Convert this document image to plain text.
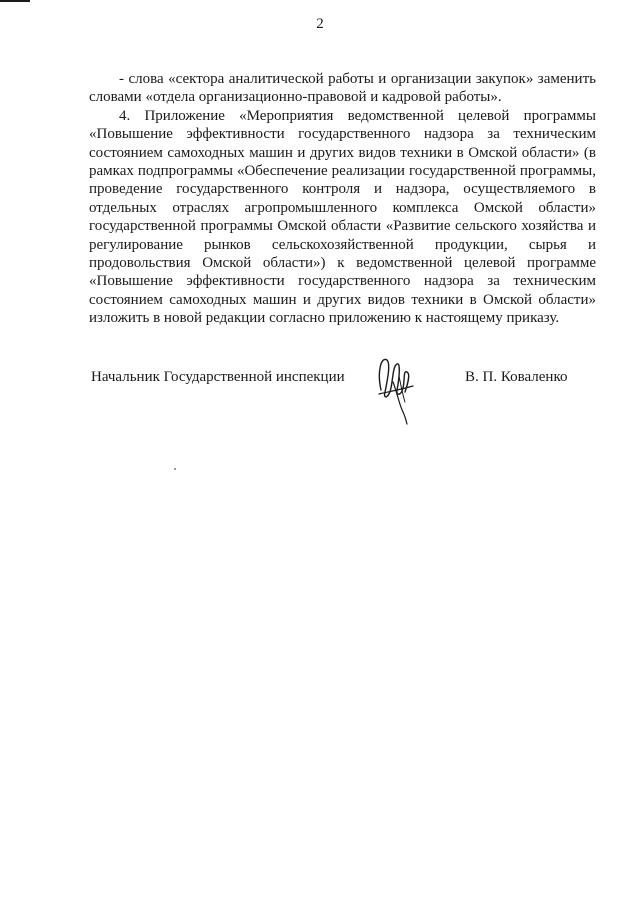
2

- слова «сектора аналитической работы и организации закупок» заменить словами «отдела организационно-правовой и кадровой работы».

4. Приложение «Мероприятия ведомственной целевой программы «Повышение эффективности государственного надзора за техническим состоянием самоходных машин и других видов техники в Омской области» (в рамках подпрограммы «Обеспечение реализации государственной программы, проведение государственного контроля и надзора, осуществляемого в отдельных отраслях агропромышленного комплекса Омской области» государственной программы Омской области «Развитие сельского хозяйства и регулирование рынков сельскохозяйственной продукции, сырья и продовольствия Омской области») к ведомственной целевой программе «Повышение эффективности государственного надзора за техническим состоянием самоходных машин и других видов техники в Омской области» изложить в новой редакции согласно приложению к настоящему приказу.

Начальник Государственной инспекции	В. П. Коваленко
